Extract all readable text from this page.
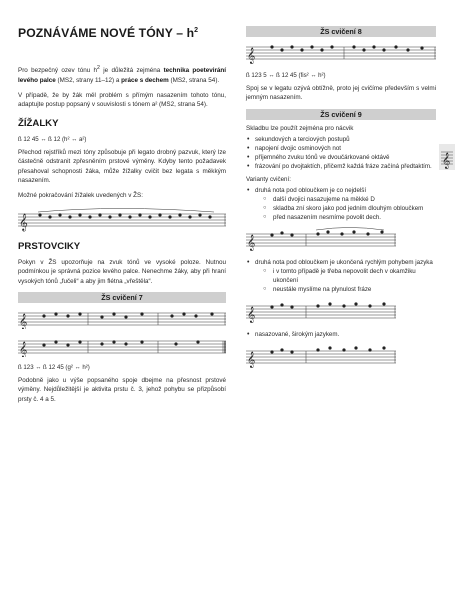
POZNÁVÁME NOVÉ TÓNY – $h^2$
Pro bezpečný ozev tónu $h^2$ je důležitá zejména technika poetevirání levého palce (MS2, strany 11–12) a práce s dechem (MS2, strana 54).
V případě, že by žák měl problém s přímým nasazením tohoto tónu, adaptujte postup popsaný v souvislosti s tónem a² (MS2, strana 54).
ŽÍŽALKY
ß 12 45 ↔ ß 12 (h² ↔ a²)
Přechod rejstříků mezi tóny způsobuje při legato drobný pazvuk, který lze částečně odstranit zpřesněním prstové výměny. Kdyby tento požadavek přesahoval schopnosti žáka, může žížalky cvičit bez legata s měkkým nasazením.
Možné pokračování žížalek uvedených v ŽS:
𝄞
PRSTOVCIKY
Pokyn v ŽS upozorňuje na zvuk tónů ve vysoké poloze. Nutnou podmínkou je správná pozice levého palce. Nenechme žáky, aby při hraní vysokých tónů „fučeli“ a aby jim flétna „vřeštěla“.
ŽS cvičení 7
𝄞
𝄞
ß 123 ↔ ß 12 45 (g² ↔ h²)
Podobně jako u výše popsaného spoje dbejme na přesnost prstové výměny. Nejdůležitější je aktivita prstu č. 3, jehož pohybu se přizpůsobí prsty č. 4 a 5.
ŽS cvičení 8
𝄞
ß 123 5 ↔ ß 12 45 (fis² ↔ h²)
Spoj se v legatu ozývá obtížně, proto jej cvičíme především s velmi jemným nasazením.
ŽS cvičení 9
Skladbu lze použít zejména pro nácvik
• sekundových a terciových postupů
• napojení dvojic osminových not
• příjemného zvuku tónů ve dvoučárkované oktávě
• frázování po dvojtaktích, přičemž každá fráze začíná předtaktím.
Varianty cvičení:
• druhá nota pod obloučkem je co nejdelší
○ další dvojici nasazujeme na měkké D
○ skladba zní skoro jako pod jedním dlouhým obloučkem
○ před nasazením nesmíme povolit dech.
𝄞
• druhá nota pod obloučkem je ukončená rychlým pohybem jazyka
○ i v tomto případě je třeba nepovolit dech v okamžiku ukončení
○ neustále myslíme na plynulost fráze
𝄞
• nasazované, širokým jazykem.
𝄞
𝄞
